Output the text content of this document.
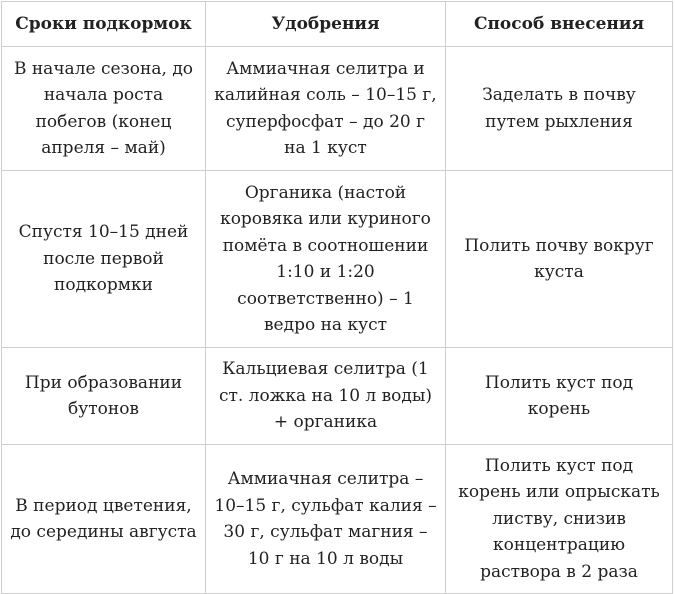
Сроки подкормок	Удобрения	Способ внесения
В начале сезона, до начала роста побегов (конец апреля – май)	Аммиачная селитра и калийная соль – 10–15 г, суперфосфат – до 20 г на 1 куст	Заделать в почву путем рыхления
Спустя 10–15 дней после первой подкормки	Органика (настой коровяка или куриного помёта в соотношении 1:10 и 1:20 соответственно) – 1 ведро на куст	Полить почву вокруг куста
При образовании бутонов	Кальциевая селитра (1 ст. ложка на 10 л воды) + органика	Полить куст под корень
В период цветения, до середины августа	Аммиачная селитра – 10–15 г, сульфат калия – 30 г, сульфат магния – 10 г на 10 л воды	Полить куст под корень или опрыскать листву, снизив концентрацию раствора в 2 раза
